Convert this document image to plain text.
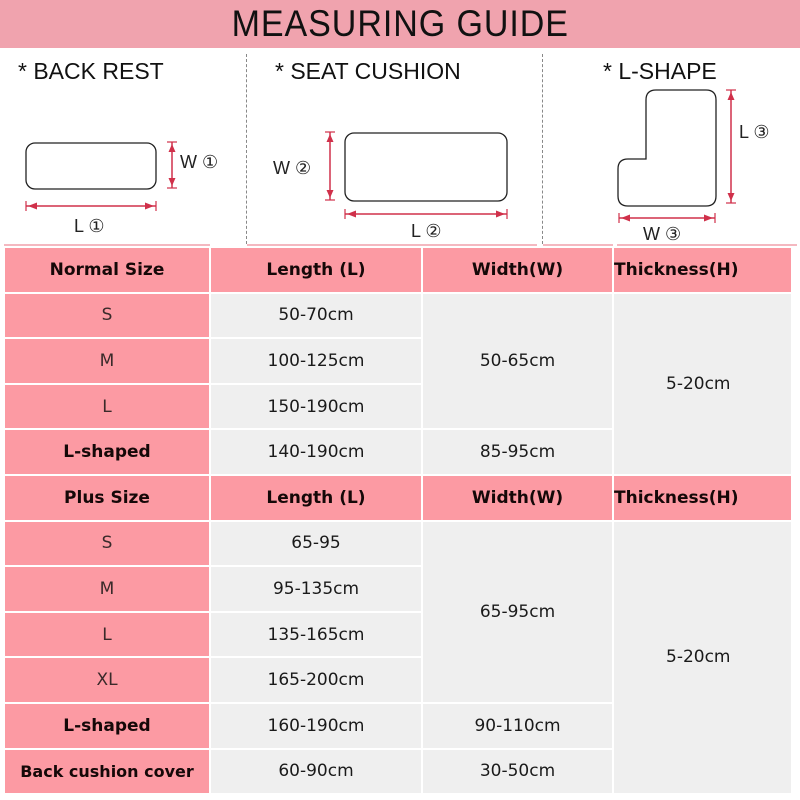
MEASURING GUIDE
* BACK REST
W ①
L ①
* SEAT CUSHION
W ②
L ②
* L-SHAPE
L ③
W ③
Normal Size	Length (L)	Width(W)	Thickness(H)
S	50-70cm	50-65cm	5-20cm
M	100-125cm		
L	150-190cm		
L-shaped	140-190cm	85-95cm	
Plus Size	Length (L)	Width(W)	Thickness(H)
S	65-95	65-95cm	5-20cm
M	95-135cm		
L	135-165cm		
XL	165-200cm		
L-shaped	160-190cm	90-110cm	
Back cushion cover	60-90cm	30-50cm	
